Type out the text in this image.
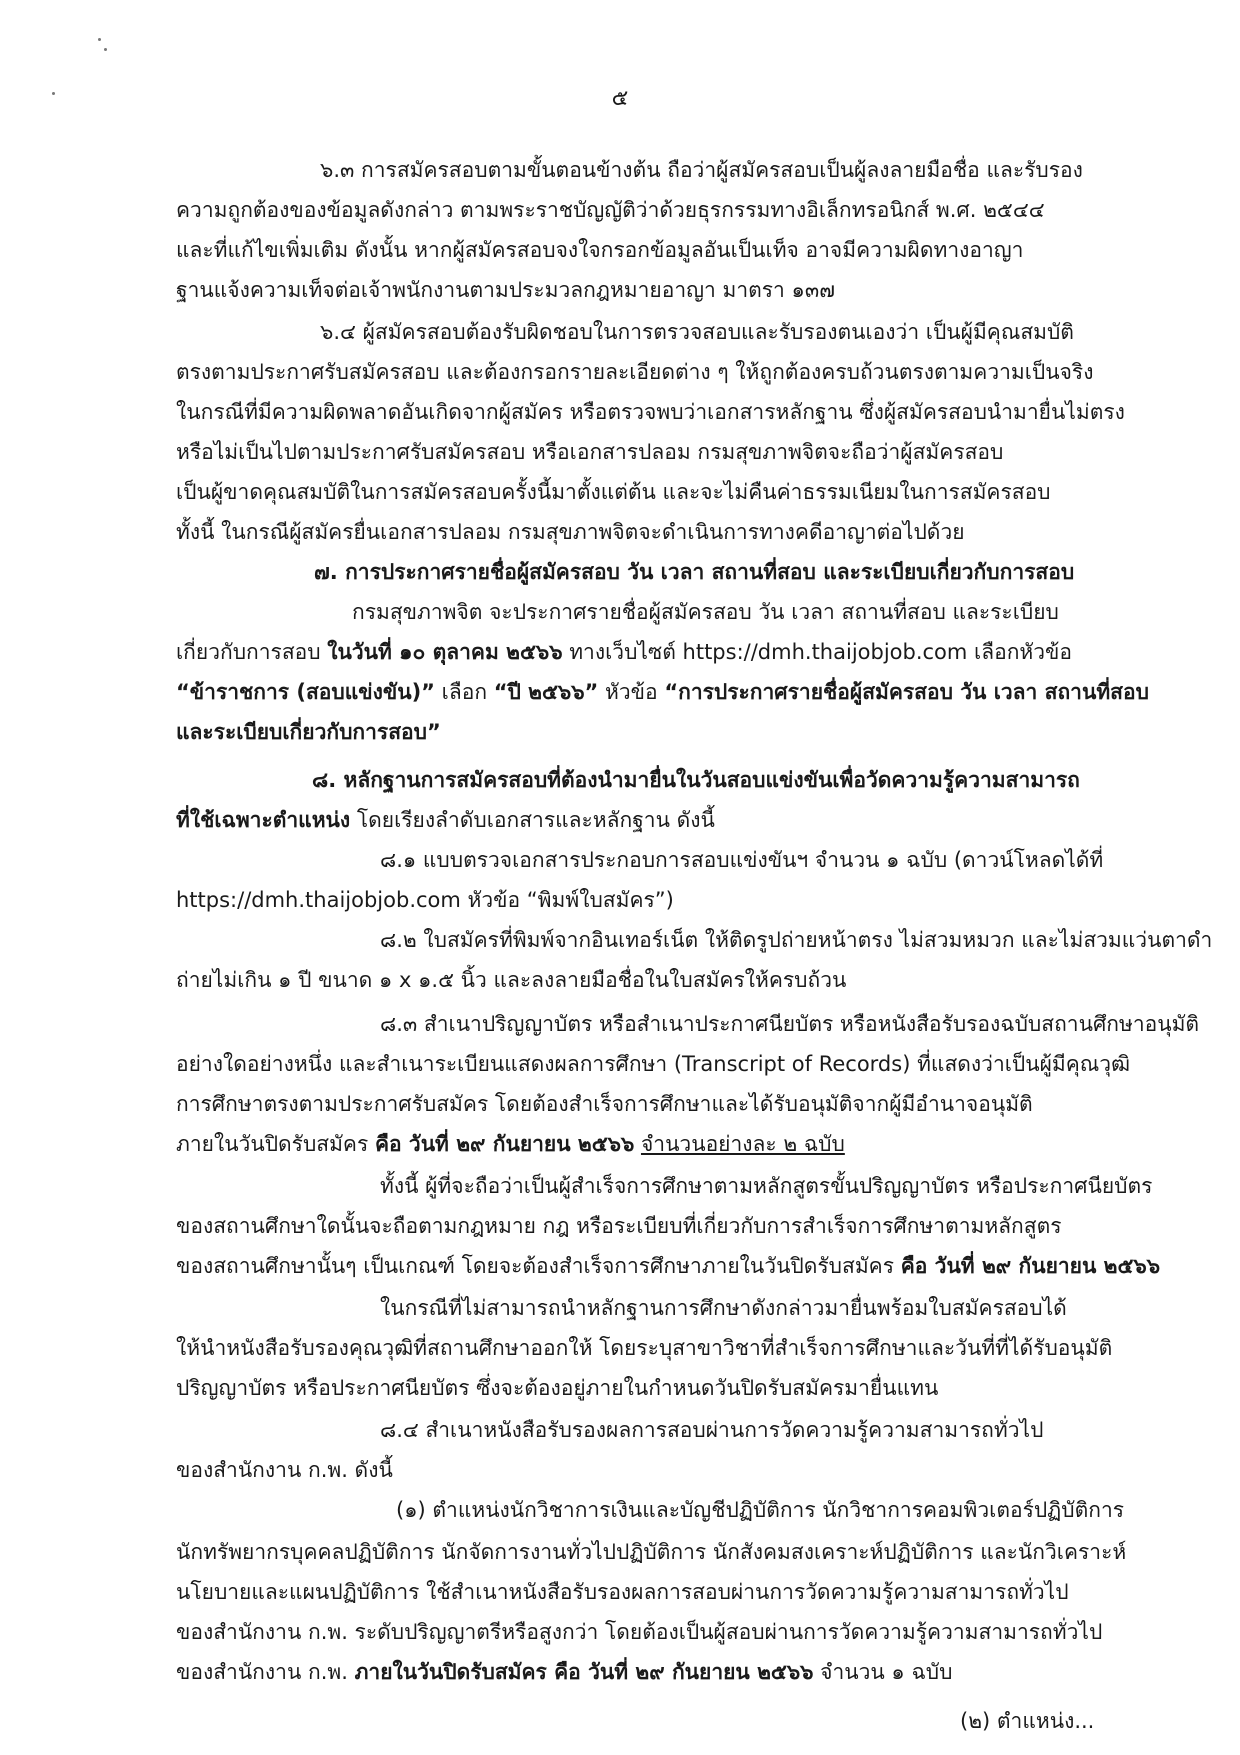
๕
๖.๓ การสมัครสอบตามขั้นตอนข้างต้น ถือว่าผู้สมัครสอบเป็นผู้ลงลายมือชื่อ และรับรอง
ความถูกต้องของข้อมูลดังกล่าว ตามพระราชบัญญัติว่าด้วยธุรกรรมทางอิเล็กทรอนิกส์ พ.ศ. ๒๕๔๔
และที่แก้ไขเพิ่มเติม ดังนั้น หากผู้สมัครสอบจงใจกรอกข้อมูลอันเป็นเท็จ อาจมีความผิดทางอาญา
ฐานแจ้งความเท็จต่อเจ้าพนักงานตามประมวลกฎหมายอาญา มาตรา ๑๓๗
๖.๔ ผู้สมัครสอบต้องรับผิดชอบในการตรวจสอบและรับรองตนเองว่า เป็นผู้มีคุณสมบัติ
ตรงตามประกาศรับสมัครสอบ และต้องกรอกรายละเอียดต่าง ๆ ให้ถูกต้องครบถ้วนตรงตามความเป็นจริง
ในกรณีที่มีความผิดพลาดอันเกิดจากผู้สมัคร หรือตรวจพบว่าเอกสารหลักฐาน ซึ่งผู้สมัครสอบนำมายื่นไม่ตรง
หรือไม่เป็นไปตามประกาศรับสมัครสอบ หรือเอกสารปลอม กรมสุขภาพจิตจะถือว่าผู้สมัครสอบ
เป็นผู้ขาดคุณสมบัติในการสมัครสอบครั้งนี้มาตั้งแต่ต้น และจะไม่คืนค่าธรรมเนียมในการสมัครสอบ
ทั้งนี้ ในกรณีผู้สมัครยื่นเอกสารปลอม กรมสุขภาพจิตจะดำเนินการทางคดีอาญาต่อไปด้วย
๗. การประกาศรายชื่อผู้สมัครสอบ วัน เวลา สถานที่สอบ และระเบียบเกี่ยวกับการสอบ
กรมสุขภาพจิต จะประกาศรายชื่อผู้สมัครสอบ วัน เวลา สถานที่สอบ และระเบียบ
เกี่ยวกับการสอบ ในวันที่ ๑๐ ตุลาคม ๒๕๖๖ ทางเว็บไซต์ https://dmh.thaijobjob.com เลือกหัวข้อ
“ข้าราชการ (สอบแข่งขัน)” เลือก “ปี ๒๕๖๖” หัวข้อ “การประกาศรายชื่อผู้สมัครสอบ วัน เวลา สถานที่สอบ
และระเบียบเกี่ยวกับการสอบ”
๘. หลักฐานการสมัครสอบที่ต้องนำมายื่นในวันสอบแข่งขันเพื่อวัดความรู้ความสามารถ
ที่ใช้เฉพาะตำแหน่ง โดยเรียงลำดับเอกสารและหลักฐาน ดังนี้
๘.๑ แบบตรวจเอกสารประกอบการสอบแข่งขันฯ จำนวน ๑ ฉบับ (ดาวน์โหลดได้ที่
https://dmh.thaijobjob.com หัวข้อ “พิมพ์ใบสมัคร”)
๘.๒ ใบสมัครที่พิมพ์จากอินเทอร์เน็ต ให้ติดรูปถ่ายหน้าตรง ไม่สวมหมวก และไม่สวมแว่นตาดำ
ถ่ายไม่เกิน ๑ ปี ขนาด ๑ x ๑.๕ นิ้ว และลงลายมือชื่อในใบสมัครให้ครบถ้วน
๘.๓ สำเนาปริญญาบัตร หรือสำเนาประกาศนียบัตร หรือหนังสือรับรองฉบับสถานศึกษาอนุมัติ
อย่างใดอย่างหนึ่ง และสำเนาระเบียนแสดงผลการศึกษา (Transcript of Records) ที่แสดงว่าเป็นผู้มีคุณวุฒิ
การศึกษาตรงตามประกาศรับสมัคร โดยต้องสำเร็จการศึกษาและได้รับอนุมัติจากผู้มีอำนาจอนุมัติ
ภายในวันปิดรับสมัคร คือ วันที่ ๒๙ กันยายน ๒๕๖๖ จำนวนอย่างละ ๒ ฉบับ
ทั้งนี้ ผู้ที่จะถือว่าเป็นผู้สำเร็จการศึกษาตามหลักสูตรขั้นปริญญาบัตร หรือประกาศนียบัตร
ของสถานศึกษาใดนั้นจะถือตามกฎหมาย กฎ หรือระเบียบที่เกี่ยวกับการสำเร็จการศึกษาตามหลักสูตร
ของสถานศึกษานั้นๆ เป็นเกณฑ์ โดยจะต้องสำเร็จการศึกษาภายในวันปิดรับสมัคร คือ วันที่ ๒๙ กันยายน ๒๕๖๖
ในกรณีที่ไม่สามารถนำหลักฐานการศึกษาดังกล่าวมายื่นพร้อมใบสมัครสอบได้
ให้นำหนังสือรับรองคุณวุฒิที่สถานศึกษาออกให้ โดยระบุสาขาวิชาที่สำเร็จการศึกษาและวันที่ที่ได้รับอนุมัติ
ปริญญาบัตร หรือประกาศนียบัตร ซึ่งจะต้องอยู่ภายในกำหนดวันปิดรับสมัครมายื่นแทน
๘.๔ สำเนาหนังสือรับรองผลการสอบผ่านการวัดความรู้ความสามารถทั่วไป
ของสำนักงาน ก.พ. ดังนี้
(๑) ตำแหน่งนักวิชาการเงินและบัญชีปฏิบัติการ นักวิชาการคอมพิวเตอร์ปฏิบัติการ
นักทรัพยากรบุคคลปฏิบัติการ นักจัดการงานทั่วไปปฏิบัติการ นักสังคมสงเคราะห์ปฏิบัติการ และนักวิเคราะห์
นโยบายและแผนปฏิบัติการ ใช้สำเนาหนังสือรับรองผลการสอบผ่านการวัดความรู้ความสามารถทั่วไป
ของสำนักงาน ก.พ. ระดับปริญญาตรีหรือสูงกว่า โดยต้องเป็นผู้สอบผ่านการวัดความรู้ความสามารถทั่วไป
ของสำนักงาน ก.พ. ภายในวันปิดรับสมัคร คือ วันที่ ๒๙ กันยายน ๒๕๖๖ จำนวน ๑ ฉบับ
(๒) ตำแหน่ง...
